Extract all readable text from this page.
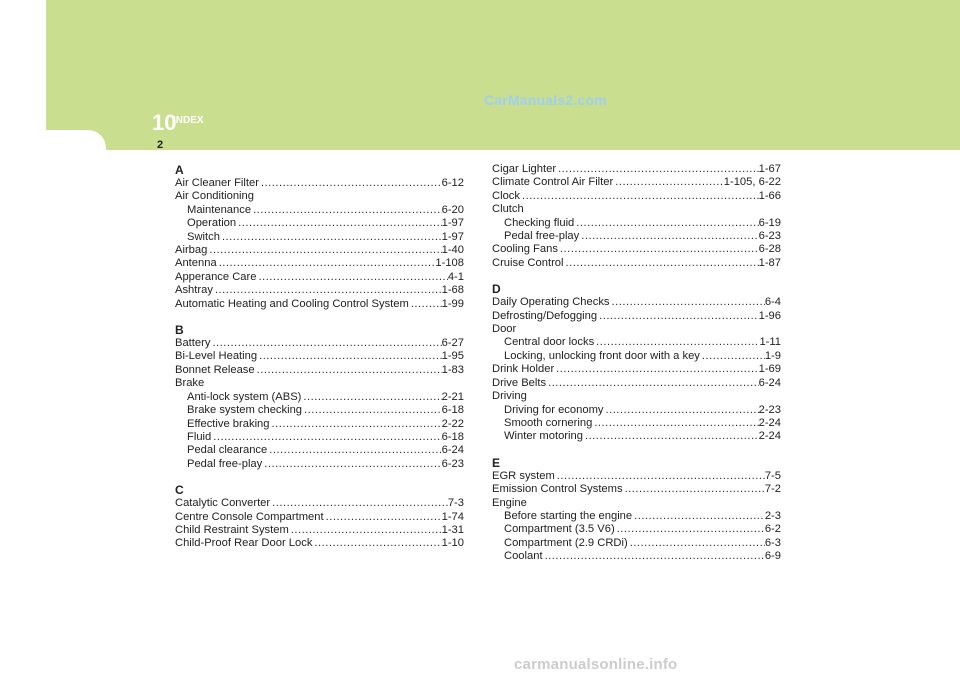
CarManuals2.com
10
INDEX
2
A
Air Cleaner Filter .....	6-12
Air Conditioning
Maintenance .....	6-20
Operation .....	1-97
Switch .....	1-97
Airbag .....	1-40
Antenna .....	1-108
Apperance Care .....	4-1
Ashtray .....	1-68
Automatic Heating and Cooling Control System .....	1-99
B
Battery .....	6-27
Bi-Level Heating .....	1-95
Bonnet Release .....	1-83
Brake
Anti-lock system (ABS) .....	2-21
Brake system checking .....	6-18
Effective braking .....	2-22
Fluid .....	6-18
Pedal clearance .....	6-24
Pedal free-play .....	6-23
C
Catalytic Converter .....	7-3
Centre Console Compartment .....	1-74
Child Restraint System .....	1-31
Child-Proof Rear Door Lock .....	1-10
Cigar Lighter .....	1-67
Climate Control Air Filter .....	1-105, 6-22
Clock .....	1-66
Clutch
Checking fluid .....	6-19
Pedal free-play .....	6-23
Cooling Fans .....	6-28
Cruise Control .....	1-87
D
Daily Operating Checks .....	6-4
Defrosting/Defogging .....	1-96
Door
Central door locks .....	1-11
Locking, unlocking front door with a key .....	1-9
Drink Holder .....	1-69
Drive Belts .....	6-24
Driving
Driving for economy .....	2-23
Smooth cornering .....	2-24
Winter motoring .....	2-24
E
EGR system .....	7-5
Emission Control Systems .....	7-2
Engine
Before starting the engine .....	2-3
Compartment (3.5 V6) .....	6-2
Compartment (2.9 CRDi) .....	6-3
Coolant .....	6-9
carmanualsonline.info
